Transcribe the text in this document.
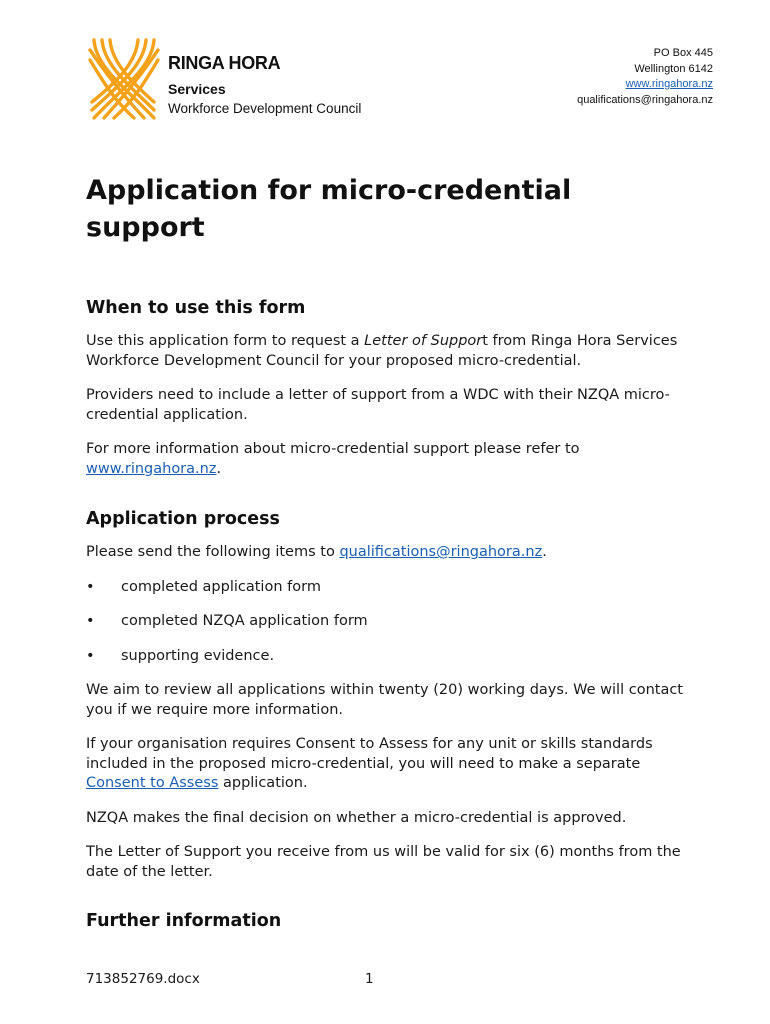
RINGA HORA
Services
Workforce Development Council
PO Box 445
Wellington 6142
www.ringahora.nz
qualifications@ringahora.nz
Application for micro-credential support
When to use this form

Use this application form to request a Letter of Support from Ringa Hora Services Workforce Development Council for your proposed micro-credential.

Providers need to include a letter of support from a WDC with their NZQA micro-credential application.

For more information about micro-credential support please refer to www.ringahora.nz.

Application process

Please send the following items to qualifications@ringahora.nz.

• completed application form
• completed NZQA application form
• supporting evidence.

We aim to review all applications within twenty (20) working days. We will contact you if we require more information.

If your organisation requires Consent to Assess for any unit or skills standards included in the proposed micro-credential, you will need to make a separate Consent to Assess application.

NZQA makes the final decision on whether a micro-credential is approved.

The Letter of Support you receive from us will be valid for six (6) months from the date of the letter.

Further information
713852769.docx	1
